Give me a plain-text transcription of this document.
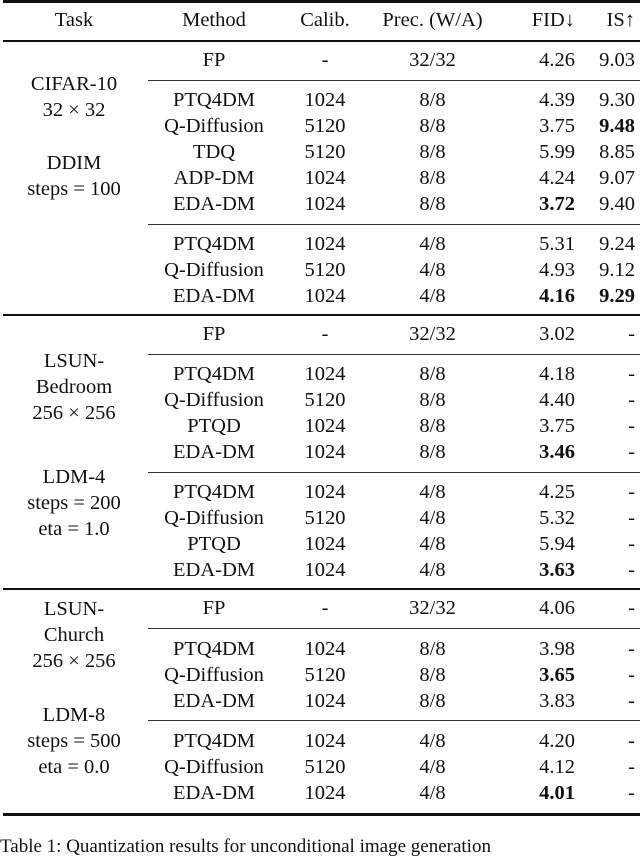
Task	Method	Calib.	Prec. (W/A)	FID↓	IS↑
CIFAR-10
32 × 32
DDIM
steps = 100
FP	-	32/32	4.26	9.03
PTQ4DM	1024	8/8	4.39	9.30
Q-Diffusion	5120	8/8	3.75	9.48
TDQ	5120	8/8	5.99	8.85
ADP-DM	1024	8/8	4.24	9.07
EDA-DM	1024	8/8	3.72	9.40
PTQ4DM	1024	4/8	5.31	9.24
Q-Diffusion	5120	4/8	4.93	9.12
EDA-DM	1024	4/8	4.16	9.29
LSUN-
Bedroom
256 × 256
LDM-4
steps = 200
eta = 1.0
FP	-	32/32	3.02	-
PTQ4DM	1024	8/8	4.18	-
Q-Diffusion	5120	8/8	4.40	-
PTQD	1024	8/8	3.75	-
EDA-DM	1024	8/8	3.46	-
PTQ4DM	1024	4/8	4.25	-
Q-Diffusion	5120	4/8	5.32	-
PTQD	1024	4/8	5.94	-
EDA-DM	1024	4/8	3.63	-
LSUN-
Church
256 × 256
LDM-8
steps = 500
eta = 0.0
FP	-	32/32	4.06	-
PTQ4DM	1024	8/8	3.98	-
Q-Diffusion	5120	8/8	3.65	-
EDA-DM	1024	8/8	3.83	-
PTQ4DM	1024	4/8	4.20	-
Q-Diffusion	5120	4/8	4.12	-
EDA-DM	1024	4/8	4.01	-
Table 1: Quantization results for unconditional image generation
